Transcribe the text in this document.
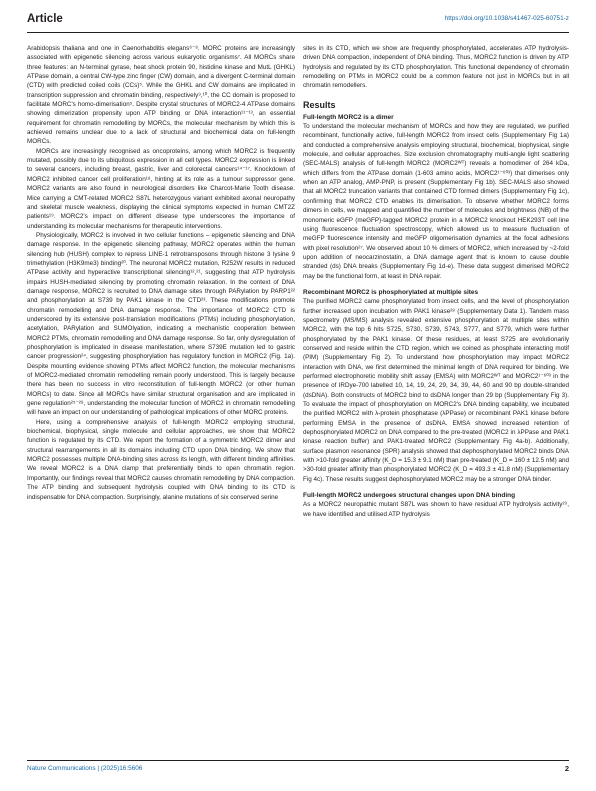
Article	https://doi.org/10.1038/s41467-025-60751-z

Arabidopsis thaliana and one in Caenorhabditis elegans⁶⁻⁸. MORC proteins are increasingly associated with epigenetic silencing across various eukaryotic organisms⁷. All MORCs share three features: an N-terminal gyrase, heat shock protein 90, histidine kinase and MutL (GHKL) ATPase domain, a central CW-type zinc finger (CW) domain, and a divergent C-terminal domain (CTD) with predicted coiled coils (CCs)⁵. While the GHKL and CW domains are implicated in transcription suppression and chromatin binding, respectively⁹,¹⁰, the CC domain is proposed to facilitate MORC's homo-dimerisation⁵. Despite crystal structures of MORC2-4 ATPase domains showing dimerization propensity upon ATP binding or DNA interaction¹¹⁻¹³, an essential requirement for chromatin remodelling by MORCs, the molecular mechanism by which this is achieved remains unclear due to a lack of structural and biochemical data on full-length MORCs.

MORCs are increasingly recognised as oncoproteins, among which MORC2 is frequently mutated, possibly due to its ubiquitous expression in all cell types. MORC2 expression is linked to several cancers, including breast, gastric, liver and colorectal cancers¹⁴⁻¹⁷. Knockdown of MORC2 inhibited cancer cell proliferation¹⁸, hinting at its role as a tumour suppressor gene. MORC2 variants are also found in neurological disorders like Charcot-Marie Tooth disease. Mice carrying a CMT-related MORC2 S87L heterozygous variant exhibited axonal neuropathy and skeletal muscle weakness, displaying the clinical symptoms expected in human CMT2Z patients¹⁹. MORC2's impact on different disease type underscores the importance of understanding its molecular mechanisms for therapeutic interventions.

Physiologically, MORC2 is involved in two cellular functions – epigenetic silencing and DNA damage response. In the epigenetic silencing pathway, MORC2 operates within the human silencing hub (HUSH) complex to repress LINE-1 retrotransposons through histone 3 lysine 9 trimethylation (H3K9me3) binding²⁰. The neuronal MORC2 mutation, R252W results in reduced ATPase activity and hyperactive transcriptional silencing¹²,²¹, suggesting that ATP hydrolysis impairs HUSH-mediated silencing by promoting chromatin relaxation. In the context of DNA damage response, MORC2 is recruited to DNA damage sites through PARylation by PARP1²² and phosphorylation at S739 by PAK1 kinase in the CTD²³. These modifications promote chromatin remodelling and DNA damage response. The importance of MORC2 CTD is underscored by its extensive post-translation modifications (PTMs) including phosphorylation, acetylation, PARylation and SUMOlyation, indicating a mechanistic cooperation between MORC2 PTMs, chromatin remodelling and DNA damage response. So far, only dysregulation of phosphorylation is implicated in disease manifestation, where S739E mutation led to gastric cancer progression²⁴, suggesting phosphorylation has regulatory function in MORC2 (Fig. 1a). Despite mounting evidence showing PTMs affect MORC2 function, the molecular mechanisms of MORC2-mediated chromatin remodelling remain poorly understood. This is largely because there has been no success in vitro reconstitution of full-length MORC2 (or other human MORCs) to date. Since all MORCs have similar structural organisation and are implicated in gene regulation²⁵⁻²⁸, understanding the molecular function of MORC2 in chromatin remodelling will have an impact on our understanding of pathological implications of other MORC proteins.

Here, using a comprehensive analysis of full-length MORC2 employing structural, biochemical, biophysical, single molecule and cellular approaches, we show that MORC2 function is regulated by its CTD. We report the formation of a symmetric MORC2 dimer and structural rearrangements in all its domains including CTD upon DNA binding. We show that MORC2 possesses multiple DNA-binding sites across its length, with different binding affinities. We reveal MORC2 is a DNA clamp that preferentially binds to open chromatin region. Importantly, our findings reveal that MORC2 causes chromatin remodelling by DNA compaction. The ATP binding and subsequent hydrolysis coupled with DNA binding to its CTD is indispensable for DNA compaction. Surprisingly, alanine mutations of six conserved serine

sites in its CTD, which we show are frequently phosphorylated, accelerates ATP hydrolysis-driven DNA compaction, independent of DNA binding. Thus, MORC2 function is driven by ATP hydrolysis and regulated by its CTD phosphorylation. This functional dependency of chromatin remodelling on PTMs in MORC2 could be a common feature not just in MORCs but in all chromatin remodellers.

Results
Full-length MORC2 is a dimer

To understand the molecular mechanism of MORCs and how they are regulated, we purified recombinant, functionally active, full-length MORC2 from insect cells (Supplementary Fig 1a) and conducted a comprehensive analysis employing structural, biochemical, biophysical, single molecule, and cellular approaches. Size exclusion chromatography multi-angle light scattering (SEC-MALS) analysis of full-length MORC2 (MORC2ᵂᵀ) reveals a homodimer of 264 kDa, which differs from the ATPase domain (1-603 amino acids, MORC2¹⁻⁶⁰³) that dimerises only when an ATP analog, AMP-PNP, is present (Supplementary Fig 1b). SEC-MALS also showed that all MORC2 truncation variants that contained CTD formed dimers (Supplementary Fig 1c), confirming that MORC2 CTD enables its dimerisation. To observe whether MORC2 forms dimers in cells, we mapped and quantified the number of molecules and brightness (NB) of the monomeric eGFP (meGFP)-tagged MORC2 protein in a MORC2 knockout HEK293T cell line using fluorescence fluctuation spectroscopy, which allowed us to measure fluctuation of meGFP fluorescence intensity and meGFP oligomerisation dynamics at the focal adhesions with pixel resolution²⁷. We observed about 10 % dimers of MORC2, which increased by ~2-fold upon addition of neocarzinostatin, a DNA damage agent that is known to cause double stranded (ds) DNA breaks (Supplementary Fig 1d-e). These data suggest dimerised MORC2 may be the functional form, at least in DNA repair.

Recombinant MORC2 is phosphorylated at multiple sites

The purified MORC2 came phosphorylated from insect cells, and the level of phosphorylation further increased upon incubation with PAK1 kinase²⁸ (Supplementary Data 1). Tandem mass spectrometry (MS/MS) analysis revealed extensive phosphorylation at multiple sites within MORC2, with the top 6 hits S725, S730, S739, S743, S777, and S779, which were further phosphorylated by the PAK1 kinase. Of these residues, at least S725 are evolutionarily conserved and reside within the CTD region, which we coined as phosphate interacting motif (PIM) (Supplementary Fig 2). To understand how phosphorylation may impact MORC2 interaction with DNA, we first determined the minimal length of DNA required for binding. We performed electrophoretic mobility shift assay (EMSA) with MORC2ᵂᵀ and MORC2¹⁻⁶⁰³ in the presence of IRDye-700 labelled 10, 14, 19, 24, 29, 34, 39, 44, 60 and 90 bp double-stranded (dsDNA). Both constructs of MORC2 bind to dsDNA longer than 29 bp (Supplementary Fig 3). To evaluate the impact of phosphorylation on MORC2's DNA binding capability, we incubated the purified MORC2 with λ-protein phosphatase (λPPase) or recombinant PAK1 kinase before performing EMSA in the presence of dsDNA. EMSA showed increased retention of dephosphorylated MORC2 on DNA compared to the pre-treated (MORC2 in λPPase and PAK1 kinase reaction buffer) and PAK1-treated MORC2 (Supplementary Fig 4a-b). Additionally, surface plasmon resonance (SPR) analysis showed that dephosphorylated MORC2 binds DNA with >10-fold greater affinity (K_D = 15.3 ± 9.1 nM) than pre-treated (K_D = 160 ± 12.5 nM) and >30-fold greater affinity than phosphorylated MORC2 (K_D = 493.3 ± 41.8 nM) (Supplementary Fig 4c). These results suggest dephosphorylated MORC2 may be a stronger DNA binder.

Full-length MORC2 undergoes structural changes upon DNA binding

As a MORC2 neuropathic mutant S87L was shown to have residual ATP hydrolysis activity²⁹, we have identified and utilised ATP hydrolysis

Nature Communications | (2025)16:5606	2
